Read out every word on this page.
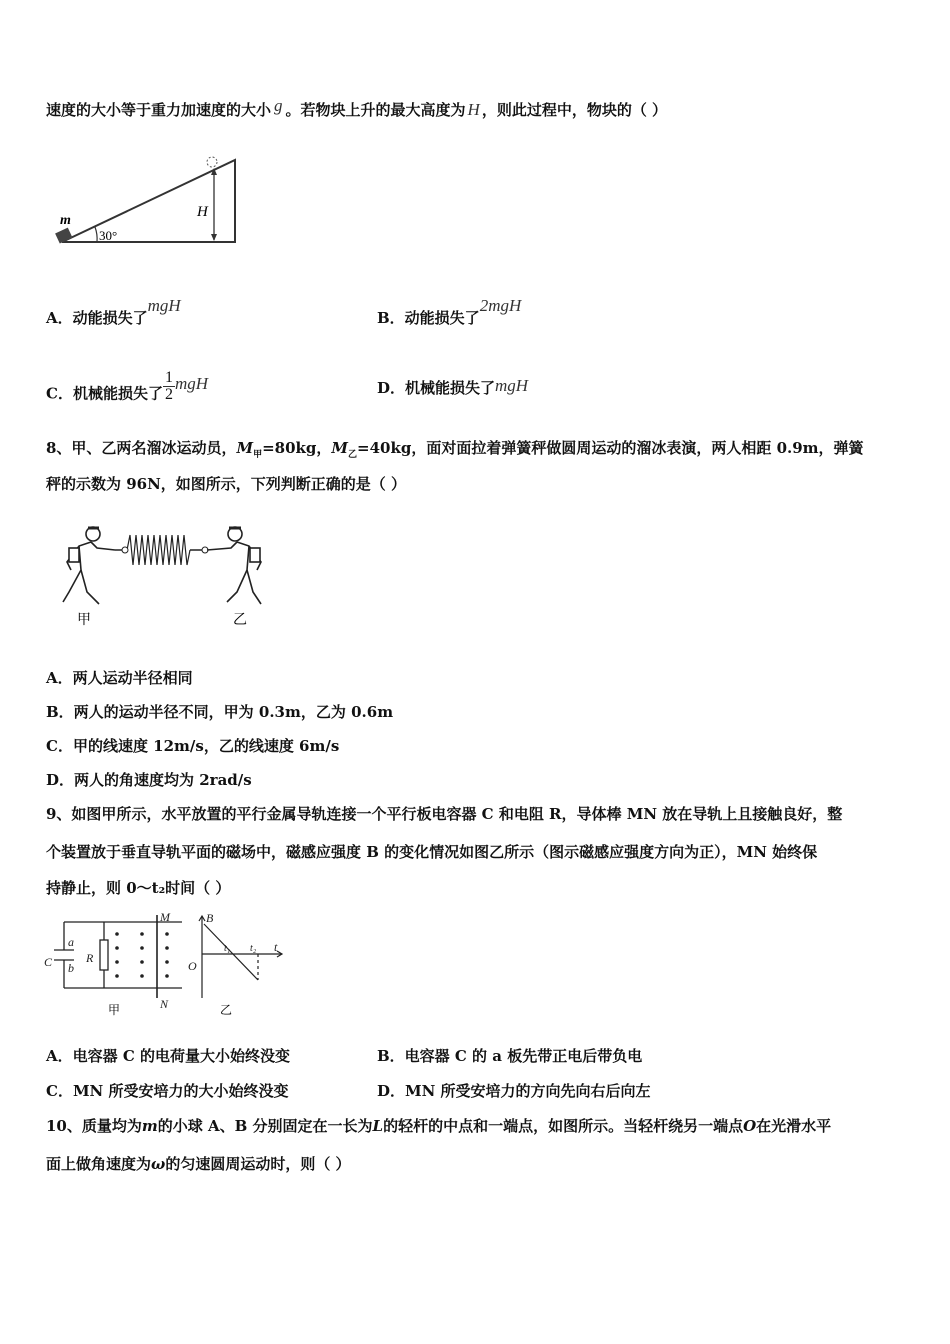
速度的大小等于重力加速度的大小 g 。若物块上升的最大高度为 H ，则此过程中，物块的（ ）
m
30°
H
A．动能损失了mgH
B．动能损失了2mgH
C．机械能损失了 $\frac{1}{2}$ mgH	D．机械能损失了mgH
8、甲、乙两名溜冰运动员，$M_甲=80kg$，$M_乙=40kg$，面对面拉着弹簧秤做圆周运动的溜冰表演，两人相距 0.9m，弹簧
秤的示数为 96N，如图所示，下列判断正确的是（ ）
甲	乙
A．两人运动半径相同
B．两人的运动半径不同，甲为 0.3m，乙为 0.6m
C．甲的线速度 12m/s，乙的线速度 6m/s
D．两人的角速度均为 2rad/s
9、如图甲所示，水平放置的平行金属导轨连接一个平行板电容器 C 和电阻 R，导体棒 MN 放在导轨上且接触良好，整
个装置放于垂直导轨平面的磁场中，磁感应强度 B 的变化情况如图乙所示（图示磁感应强度方向为正），MN 始终保
持静止，则 0～t₂时间（ ）
M
N
a
b
C	R
甲
B
O
t₁ t₂ t
乙
A．电容器 C 的电荷量大小始终没变	B．电容器 C 的 a 板先带正电后带负电
C．MN 所受安培力的大小始终没变	D．MN 所受安培力的方向先向右后向左
10、质量均为m的小球 A、B 分别固定在一长为L的轻杆的中点和一端点，如图所示。当轻杆绕另一端点O在光滑水平
面上做角速度为ω的匀速圆周运动时，则（ ）
